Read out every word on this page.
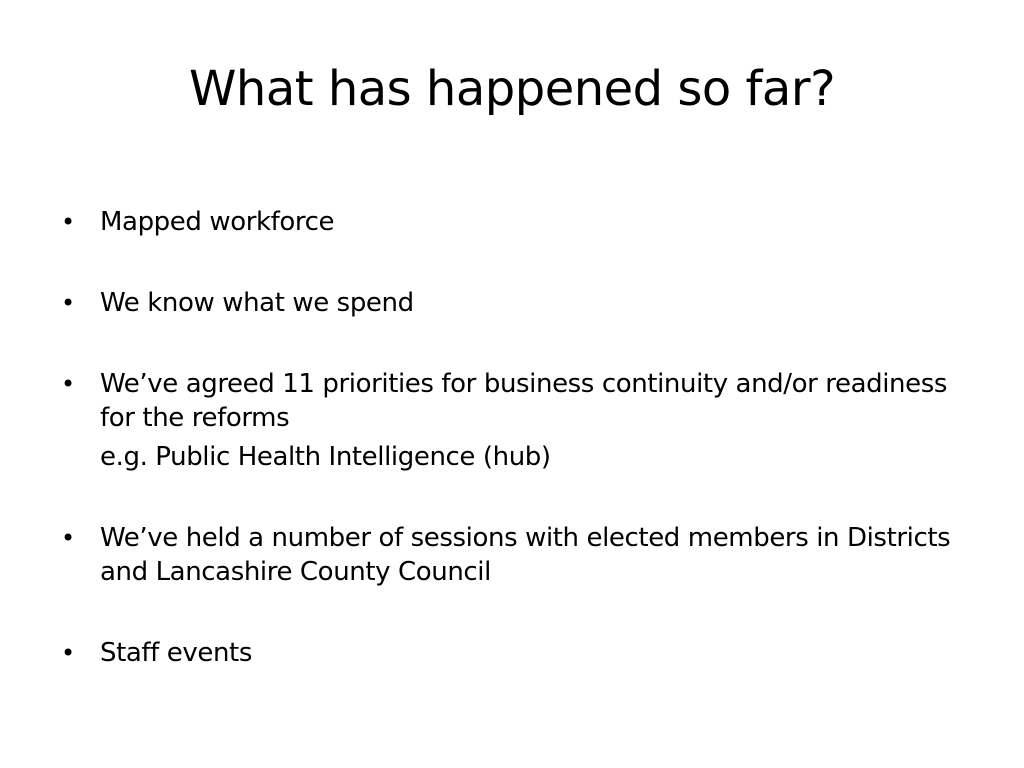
What has happened so far?
• Mapped workforce
• We know what we spend
• We’ve agreed 11 priorities for business continuity and/or readiness for the reforms
e.g. Public Health Intelligence (hub)
• We’ve held a number of sessions with elected members in Districts and Lancashire County Council
• Staff events
